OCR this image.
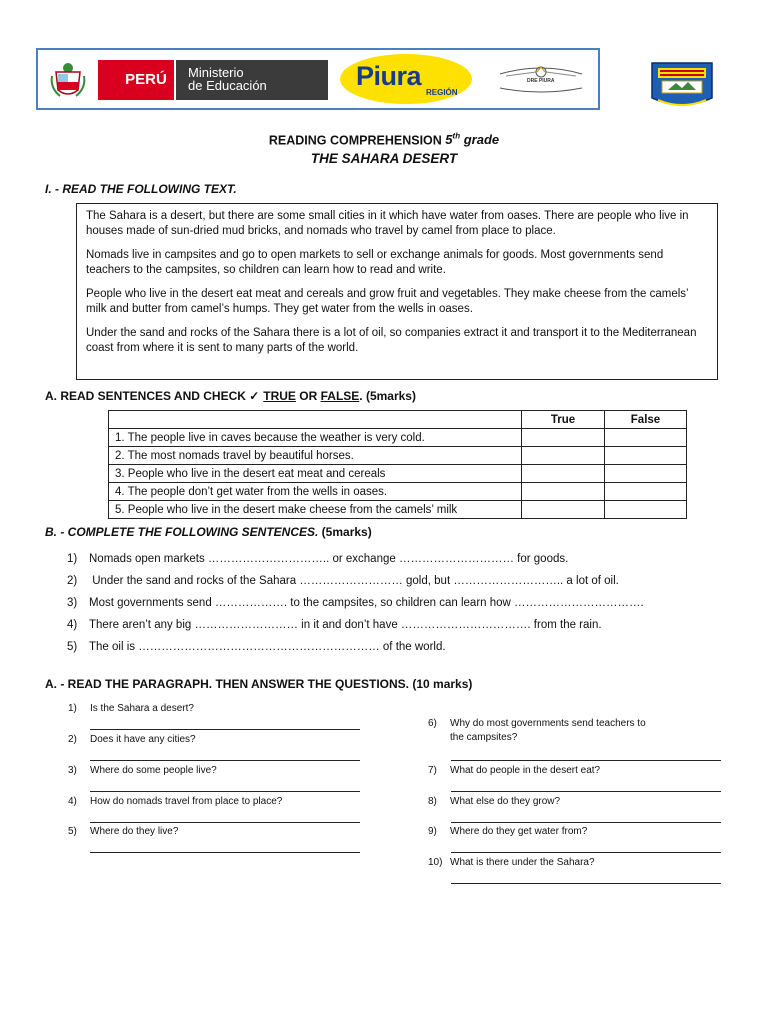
PERÚ	Ministerio
de Educación	Piura
REGIÓN
DRE PIURA
READING COMPREHENSION 5th grade
THE SAHARA DESERT
I. - READ THE FOLLOWING TEXT.

The Sahara is a desert, but there are some small cities in it which have water from oases. There are people who live in houses made of sun-dried mud bricks, and nomads who travel by camel from place to place.

Nomads live in campsites and go to open markets to sell or exchange animals for goods. Most governments send teachers to the campsites, so children can learn how to read and write.

People who live in the desert eat meat and cereals and grow fruit and vegetables. They make cheese from the camels’ milk and butter from camel’s humps. They get water from the wells in oases.

Under the sand and rocks of the Sahara there is a lot of oil, so companies extract it and transport it to the Mediterranean coast from where it is sent to many parts of the world.

A. READ SENTENCES AND CHECK ✓ TRUE OR FALSE. (5marks)
	True	False
1. The people live in caves because the weather is very cold.		
2. The most nomads travel by beautiful horses.		
3. People who live in the desert eat meat and cereals		
4. The people don’t get water from the wells in oases.		
5. People who live in the desert make cheese from the camels’ milk		
B. - COMPLETE THE FOLLOWING SENTENCES. (5marks)
1) Nomads open markets ………………………….. or exchange ………………………… for goods.
2) Under the sand and rocks of the Sahara ……………………… gold, but ……………………….. a lot of oil.
3) Most governments send ………………. to the campsites, so children can learn how …………………………….
4) There aren’t any big ……………………… in it and don’t have ……………………………. from the rain.
5) The oil is ……………………………………………………… of the world.
A. - READ THE PARAGRAPH. THEN ANSWER THE QUESTIONS. (10 marks)
1) Is the Sahara a desert?
2) Does it have any cities?
3) Where do some people live?
4) How do nomads travel from place to place?
5) Where do they live?
6) Why do most governments send teachers to
the campsites?
7) What do people in the desert eat?
8) What else do they grow?
9) Where do they get water from?
10) What is there under the Sahara?
